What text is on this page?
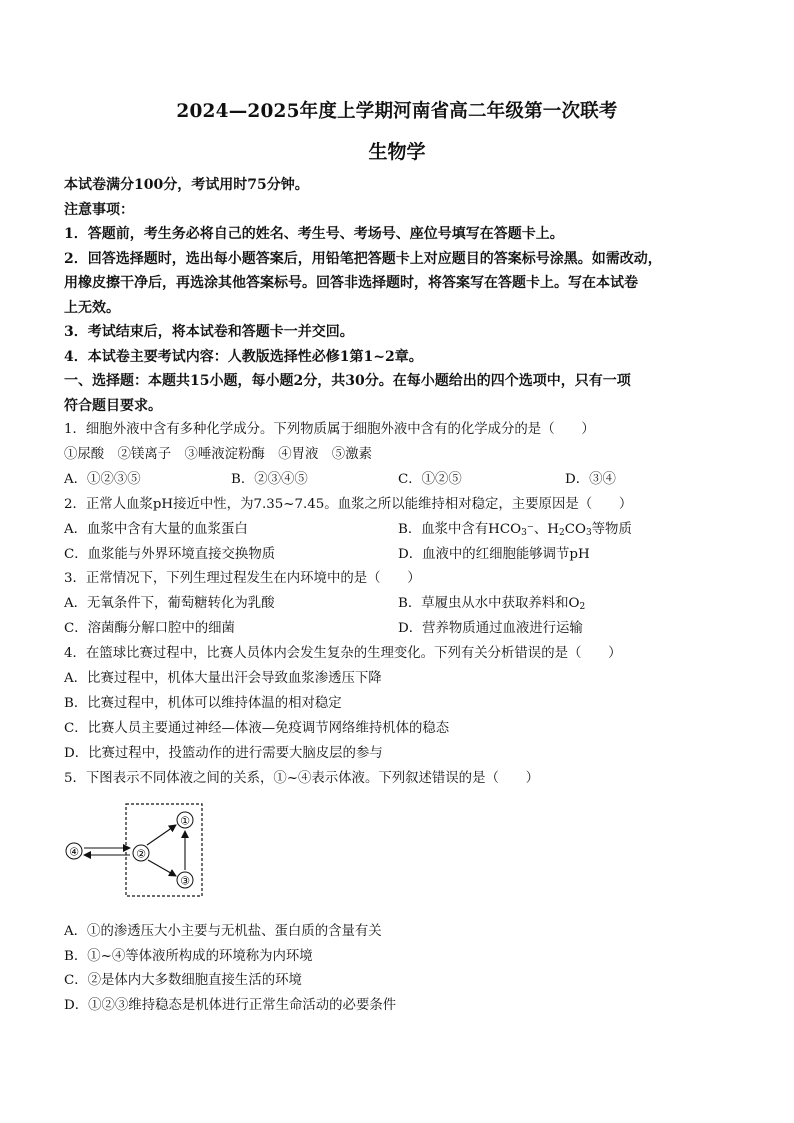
2024—2025年度上学期河南省高二年级第一次联考
生物学
本试卷满分100分，考试用时75分钟。
注意事项：
1．答题前，考生务必将自己的姓名、考生号、考场号、座位号填写在答题卡上。
2．回答选择题时，选出每小题答案后，用铅笔把答题卡上对应题目的答案标号涂黑。如需改动，
用橡皮擦干净后，再选涂其他答案标号。回答非选择题时，将答案写在答题卡上。写在本试卷
上无效。
3．考试结束后，将本试卷和答题卡一并交回。
4．本试卷主要考试内容：人教版选择性必修1第1~2章。
一、选择题：本题共15小题，每小题2分，共30分。在每小题给出的四个选项中，只有一项
符合题目要求。
1．细胞外液中含有多种化学成分。下列物质属于细胞外液中含有的化学成分的是（　　）
①尿酸　②镁离子　③唾液淀粉酶　④胃液　⑤激素
A．①②③⑤	B．②③④⑤	C．①②⑤	D．③④
2．正常人血浆pH接近中性，为7.35~7.45。血浆之所以能维持相对稳定，主要原因是（　　）
A．血浆中含有大量的血浆蛋白	B．血浆中含有$HCO_3^-$、$H_2CO_3$等物质
C．血浆能与外界环境直接交换物质	D．血液中的红细胞能够调节pH
3．正常情况下，下列生理过程发生在内环境中的是（　　）
A．无氧条件下，葡萄糖转化为乳酸	B．草履虫从水中获取养料和$O_2$
C．溶菌酶分解口腔中的细菌	D．营养物质通过血液进行运输
4．在篮球比赛过程中，比赛人员体内会发生复杂的生理变化。下列有关分析错误的是（　　）
A．比赛过程中，机体大量出汗会导致血浆渗透压下降
B．比赛过程中，机体可以维持体温的相对稳定
C．比赛人员主要通过神经—体液—免疫调节网络维持机体的稳态
D．比赛过程中，投篮动作的进行需要大脑皮层的参与
5．下图表示不同体液之间的关系，①~④表示体液。下列叙述错误的是（　　）
④	②
①
③
A．①的渗透压大小主要与无机盐、蛋白质的含量有关
B．①~④等体液所构成的环境称为内环境
C．②是体内大多数细胞直接生活的环境
D．①②③维持稳态是机体进行正常生命活动的必要条件
